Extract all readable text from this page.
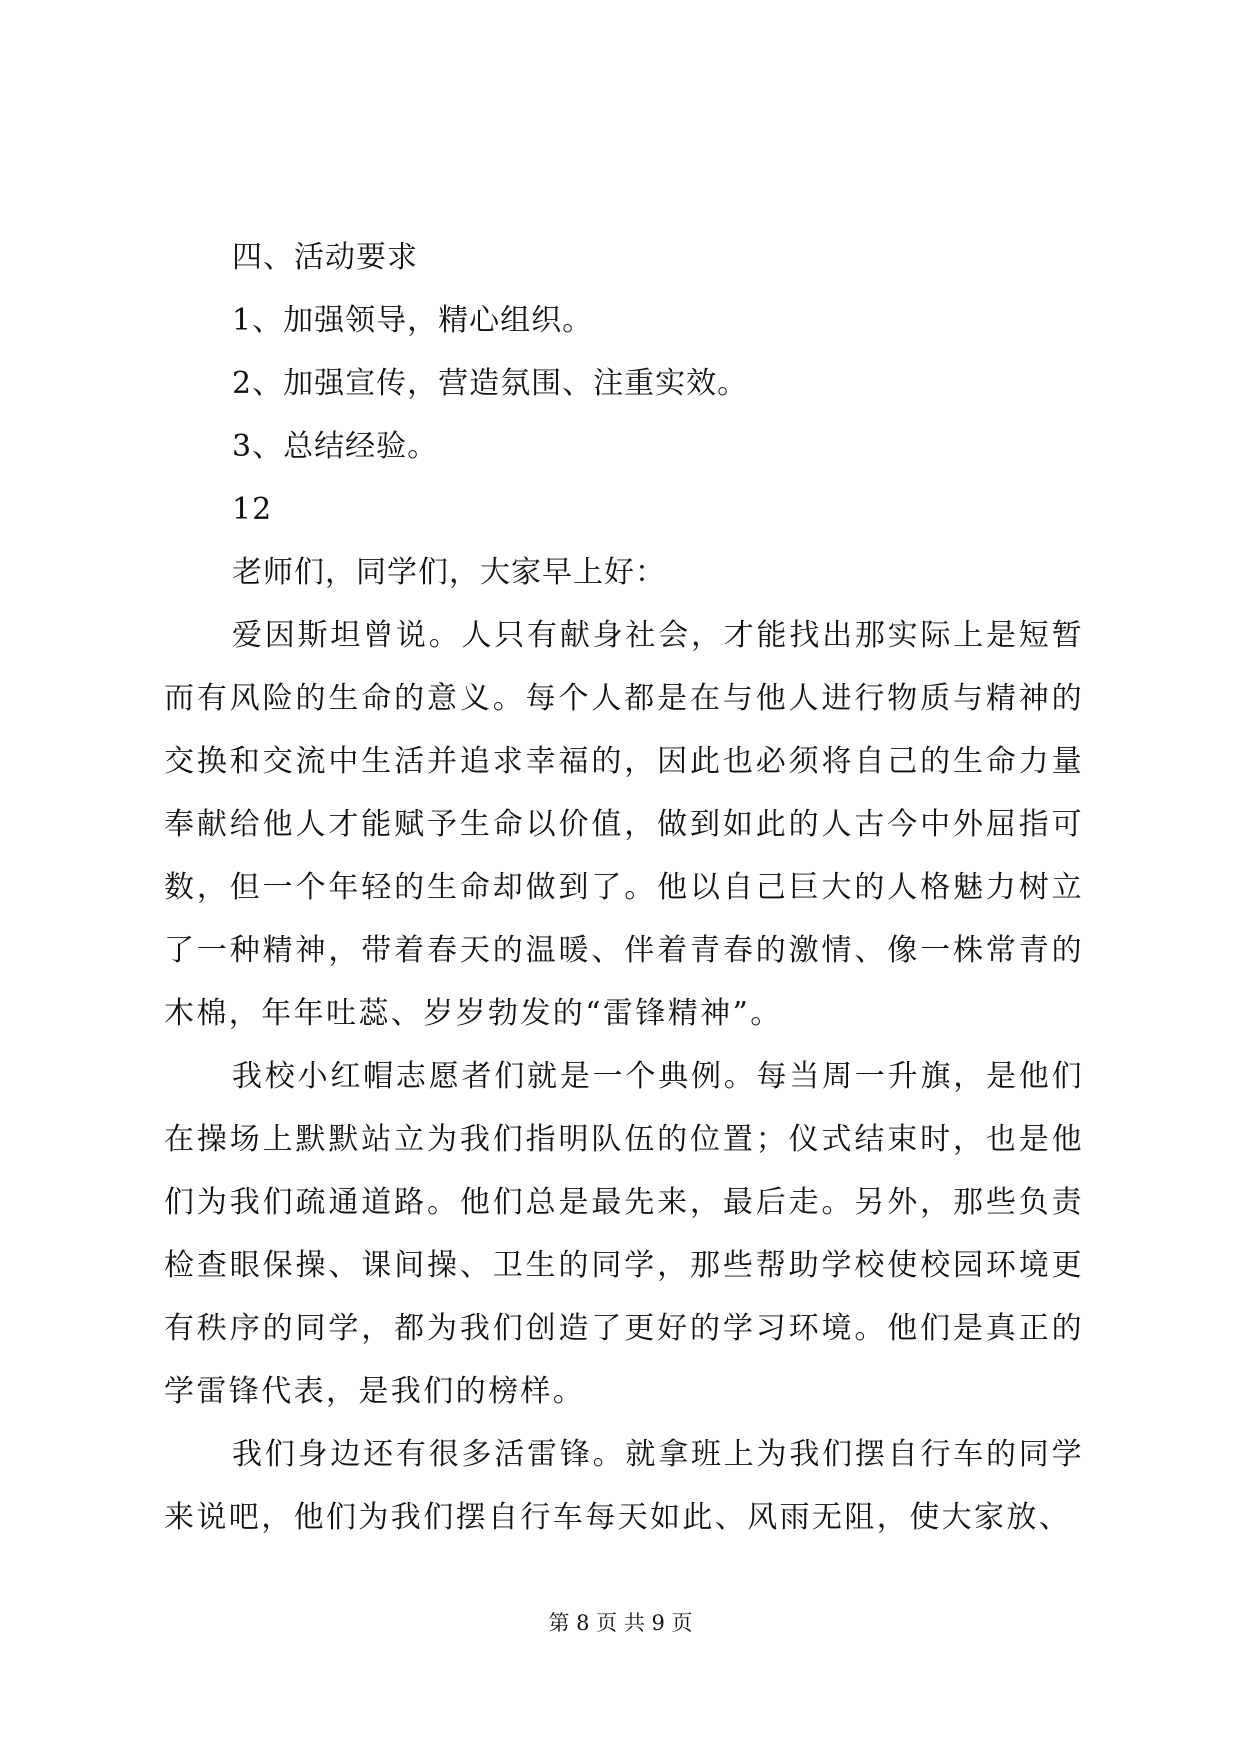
四、活动要求
1、加强领导，精心组织。
2、加强宣传，营造氛围、注重实效。
3、总结经验。
12
老师们，同学们，大家早上好：

爱因斯坦曾说。人只有献身社会，才能找出那实际上是短暂而有风险的生命的意义。每个人都是在与他人进行物质与精神的交换和交流中生活并追求幸福的，因此也必须将自己的生命力量奉献给他人才能赋予生命以价值，做到如此的人古今中外屈指可数，但一个年轻的生命却做到了。他以自己巨大的人格魅力树立了一种精神，带着春天的温暖、伴着青春的激情、像一株常青的木棉，年年吐蕊、岁岁勃发的“雷锋精神”。

我校小红帽志愿者们就是一个典例。每当周一升旗，是他们在操场上默默站立为我们指明队伍的位置；仪式结束时，也是他们为我们疏通道路。他们总是最先来，最后走。另外，那些负责检查眼保操、课间操、卫生的同学，那些帮助学校使校园环境更有秩序的同学，都为我们创造了更好的学习环境。他们是真正的学雷锋代表，是我们的榜样。

我们身边还有很多活雷锋。就拿班上为我们摆自行车的同学来说吧，他们为我们摆自行车每天如此、风雨无阻，使大家放、

第 8 页 共 9 页
